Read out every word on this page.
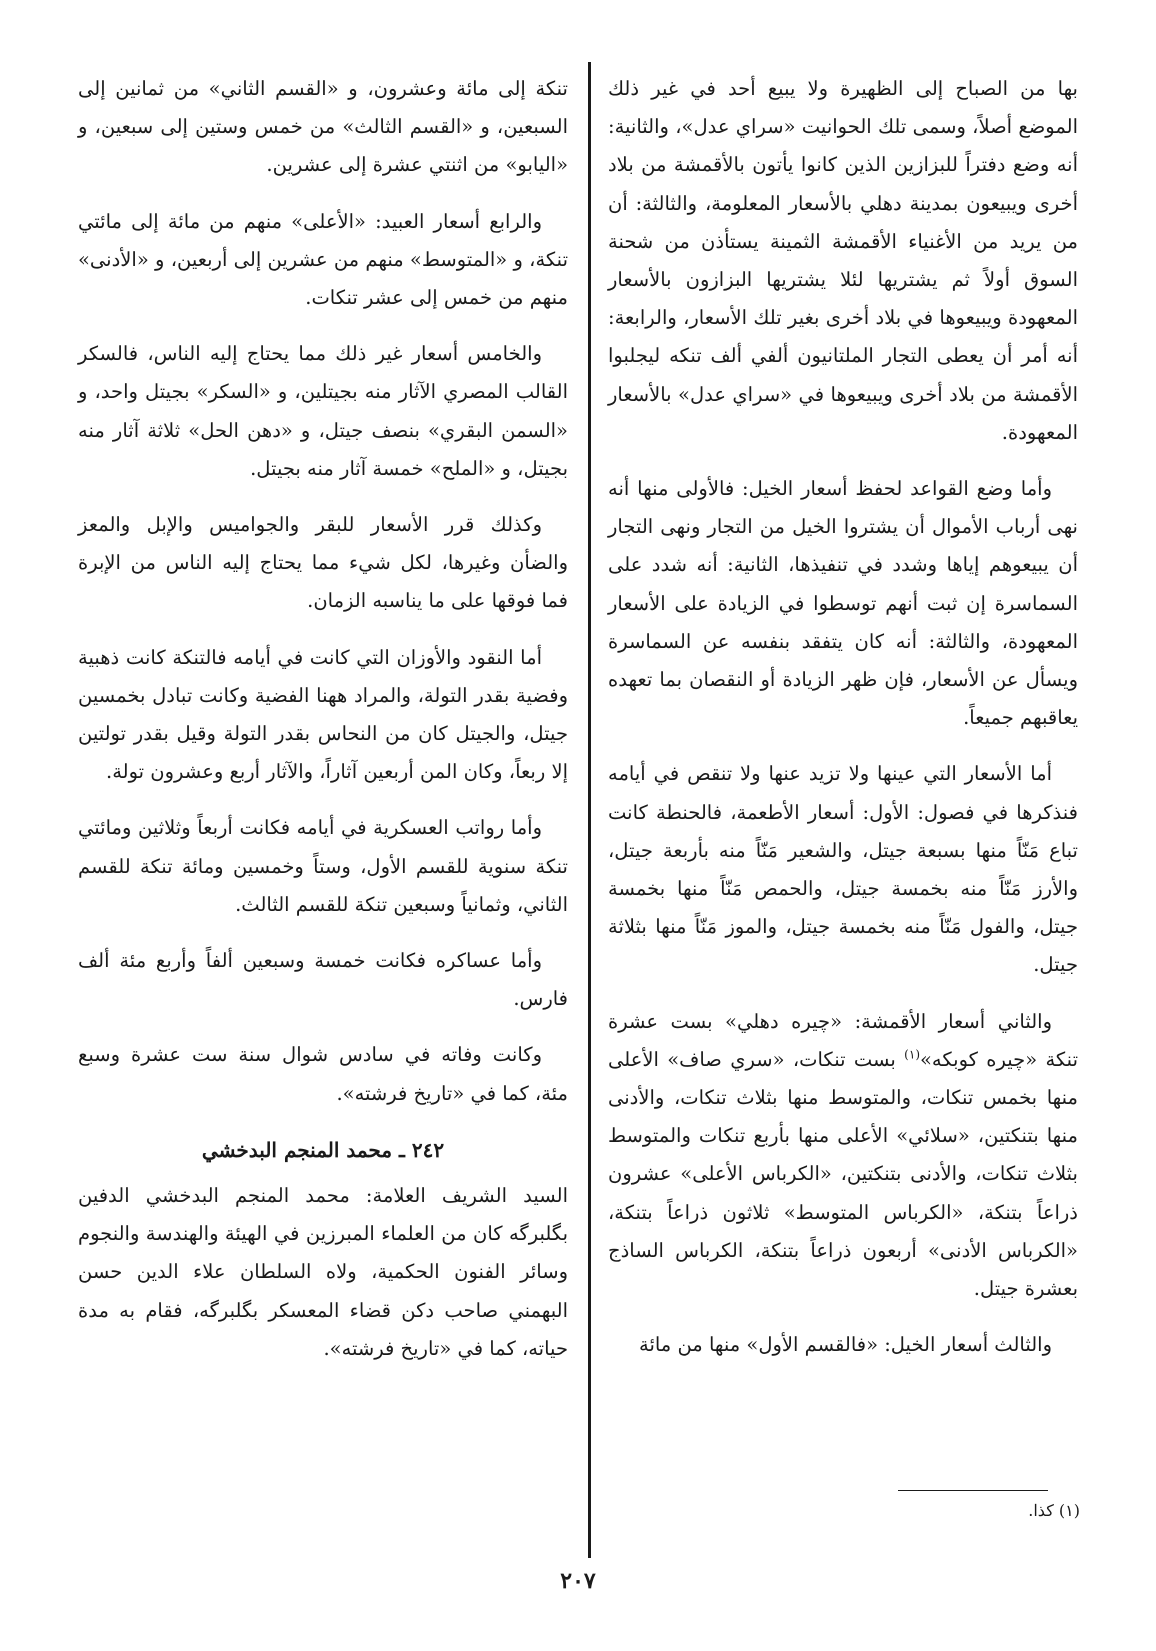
بها من الصباح إلى الظهيرة ولا يبيع أحد في غير ذلك الموضع أصلاً، وسمى تلك الحوانيت «سراي عدل»، والثانية: أنه وضع دفتراً للبزازين الذين كانوا يأتون بالأقمشة من بلاد أخرى ويبيعون بمدينة دهلي بالأسعار المعلومة، والثالثة: أن من يريد من الأغنياء الأقمشة الثمينة يستأذن من شحنة السوق أولاً ثم يشتريها لئلا يشتريها البزازون بالأسعار المعهودة ويبيعوها في بلاد أخرى بغير تلك الأسعار، والرابعة: أنه أمر أن يعطى التجار الملتانيون ألفي ألف تنكه ليجلبوا الأقمشة من بلاد أخرى ويبيعوها في «سراي عدل» بالأسعار المعهودة.

وأما وضع القواعد لحفظ أسعار الخيل: فالأولى منها أنه نهى أرباب الأموال أن يشتروا الخيل من التجار ونهى التجار أن يبيعوهم إياها وشدد في تنفيذها، الثانية: أنه شدد على السماسرة إن ثبت أنهم توسطوا في الزيادة على الأسعار المعهودة، والثالثة: أنه كان يتفقد بنفسه عن السماسرة ويسأل عن الأسعار، فإن ظهر الزيادة أو النقصان بما تعهده يعاقبهم جميعاً.

أما الأسعار التي عينها ولا تزيد عنها ولا تنقص في أيامه فنذكرها في فصول: الأول: أسعار الأطعمة، فالحنطة كانت تباع مَنّاً منها بسبعة جيتل، والشعير مَنّاً منه بأربعة جيتل، والأرز مَنّاً منه بخمسة جيتل، والحمص مَنّاً منها بخمسة جيتل، والفول مَنّاً منه بخمسة جيتل، والموز مَنّاً منها بثلاثة جيتل.

والثاني أسعار الأقمشة: «چيره دهلي» بست عشرة تنكة «چيره كوبكه»$^{(١)}$ بست تنكات، «سري صاف» الأعلى منها بخمس تنكات، والمتوسط منها بثلاث تنكات، والأدنى منها بتنكتين، «سلائي» الأعلى منها بأربع تنكات والمتوسط بثلاث تنكات، والأدنى بتنكتين، «الكرباس الأعلى» عشرون ذراعاً بتنكة، «الكرباس المتوسط» ثلاثون ذراعاً بتنكة، «الكرباس الأدنى» أربعون ذراعاً بتنكة، الكرباس الساذج بعشرة جيتل.

والثالث أسعار الخيل: «فالقسم الأول» منها من مائة

تنكة إلى مائة وعشرون، و «القسم الثاني» من ثمانين إلى السبعين، و «القسم الثالث» من خمس وستين إلى سبعين، و «اليابو» من اثنتي عشرة إلى عشرين.

والرابع أسعار العبيد: «الأعلى» منهم من مائة إلى مائتي تنكة، و «المتوسط» منهم من عشرين إلى أربعين، و «الأدنى» منهم من خمس إلى عشر تنكات.

والخامس أسعار غير ذلك مما يحتاج إليه الناس، فالسكر القالب المصري الآثار منه بجيتلين، و «السكر» بجيتل واحد، و «السمن البقري» بنصف جيتل، و «دهن الحل» ثلاثة آثار منه بجيتل، و «الملح» خمسة آثار منه بجيتل.

وكذلك قرر الأسعار للبقر والجواميس والإبل والمعز والضأن وغيرها، لكل شيء مما يحتاج إليه الناس من الإبرة فما فوقها على ما يناسبه الزمان.

أما النقود والأوزان التي كانت في أيامه فالتنكة كانت ذهبية وفضية بقدر التولة، والمراد ههنا الفضية وكانت تبادل بخمسين جيتل، والجيتل كان من النحاس بقدر التولة وقيل بقدر تولتين إلا ربعاً، وكان المن أربعين آثاراً، والآثار أربع وعشرون تولة.

وأما رواتب العسكرية في أيامه فكانت أربعاً وثلاثين ومائتي تنكة سنوية للقسم الأول، وستاً وخمسين ومائة تنكة للقسم الثاني، وثمانياً وسبعين تنكة للقسم الثالث.

وأما عساكره فكانت خمسة وسبعين ألفاً وأربع مئة ألف فارس.

وكانت وفاته في سادس شوال سنة ست عشرة وسبع مئة، كما في «تاريخ فرشته».

٢٤٢ ـ محمد المنجم البدخشي

السيد الشريف العلامة: محمد المنجم البدخشي الدفين بگلبرگه كان من العلماء المبرزين في الهيئة والهندسة والنجوم وسائر الفنون الحكمية، ولاه السلطان علاء الدين حسن البهمني صاحب دكن قضاء المعسكر بگلبرگه، فقام به مدة حياته، كما في «تاريخ فرشته».

(١) كذا.
٢٠٧
